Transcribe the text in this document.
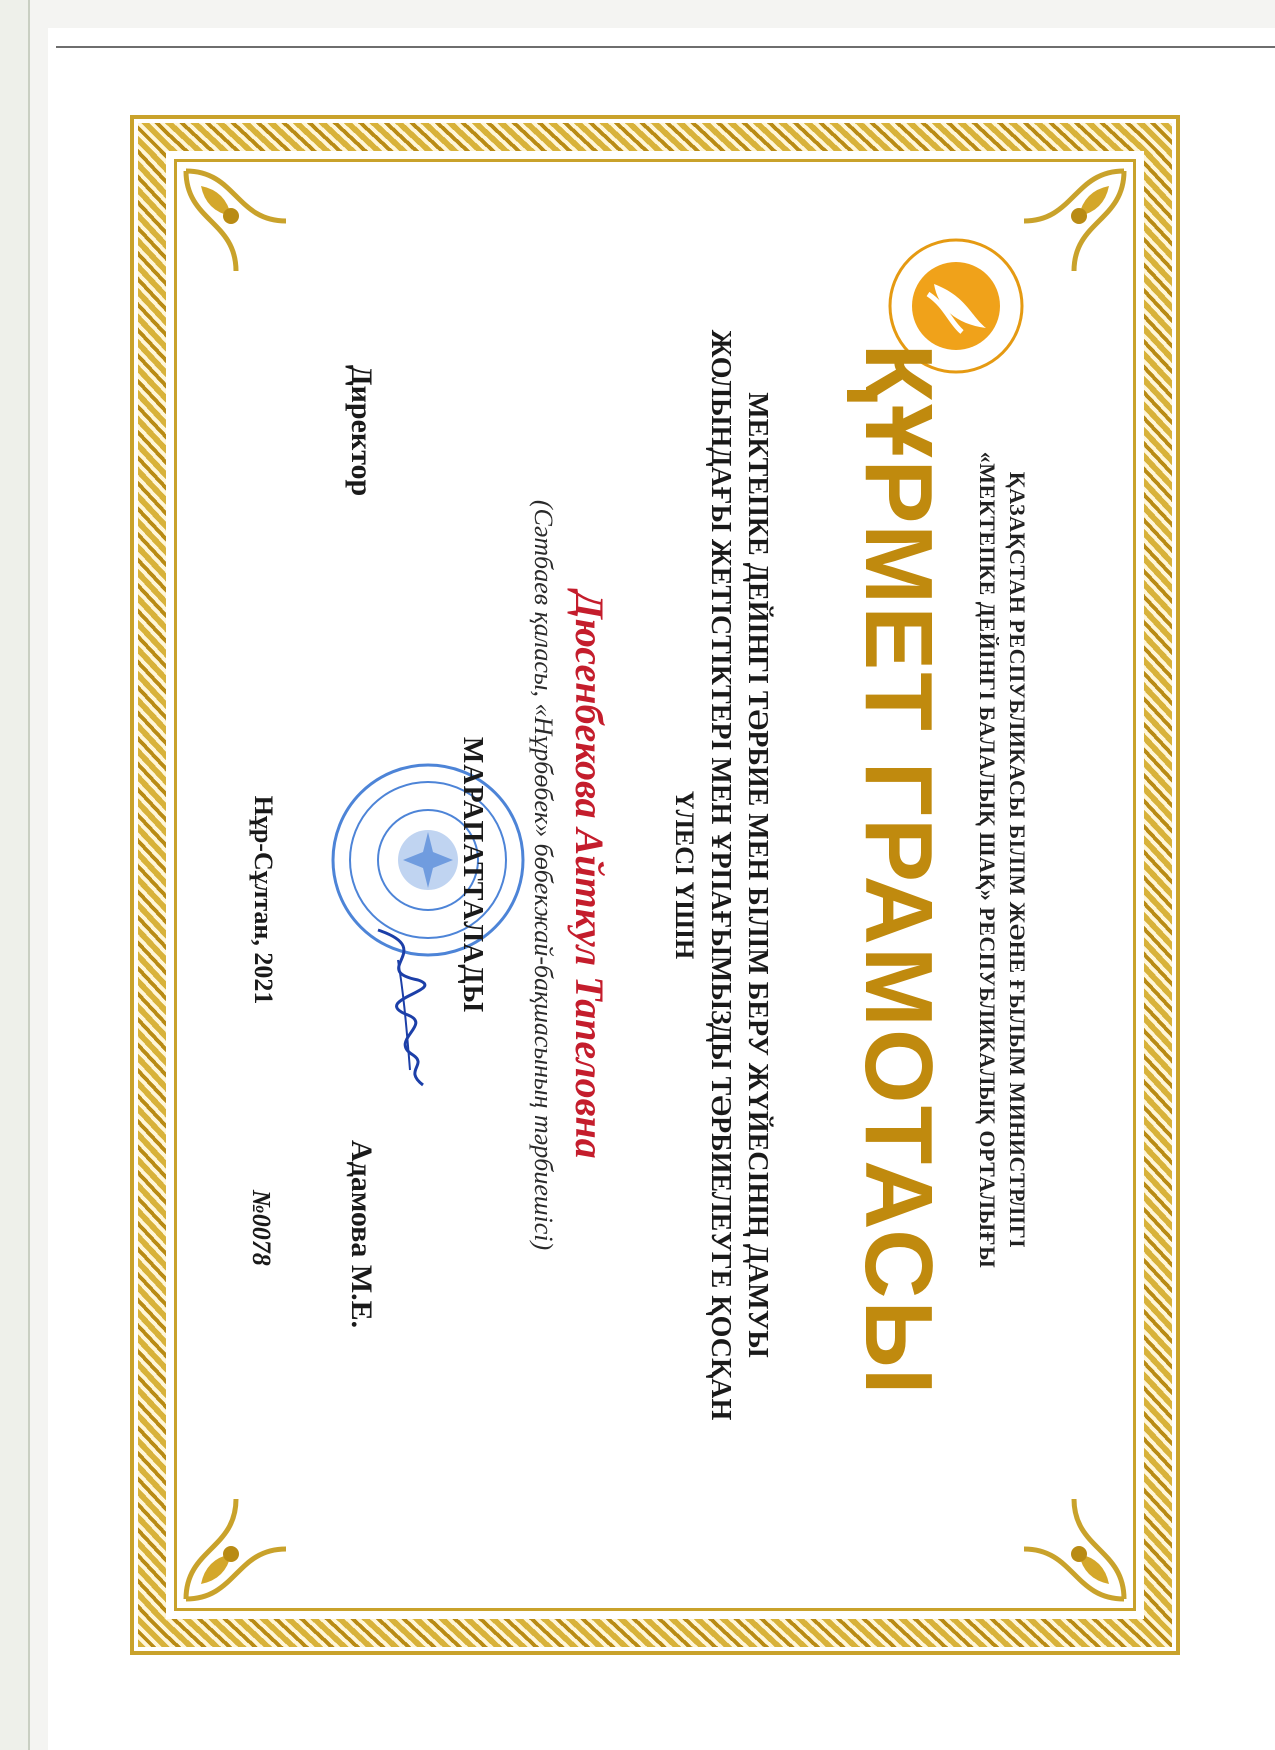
ҚАЗАҚСТАН РЕСПУБЛИКАСЫ БІЛІМ ЖӘНЕ ҒЫЛЫМ МИНИСТРЛІГІ

«МЕКТЕПКЕ ДЕЙІНГІ БАЛАЛЫҚ ШАҚ» РЕСПУБЛИКАЛЫҚ ОРТАЛЫҒЫ

ҚҰРМЕТ ГРАМОТАСЫ

МЕКТЕПКЕ ДЕЙІНГІ ТӘРБИЕ МЕН БІЛІМ БЕРУ ЖҮЙЕСІНІҢ ДАМУЫ

ЖОЛЫНДАҒЫ ЖЕТІСТІКТЕРІ МЕН ҰРПАҒЫМЫЗДЫ ТӘРБИЕЛЕУГЕ ҚОСҚАН

ҮЛЕСІ ҮШІН

Дюсенбекова Айткул Тапеловна

(Сәтбаев қаласы, «Нұрбөбек» бөбекжай-бақшасының тәрбиешісі)

МАРАПАТТАЛАДЫ

Директор

Адамова М.Е.

Нұр-Сұлтан, 2021

№0078
